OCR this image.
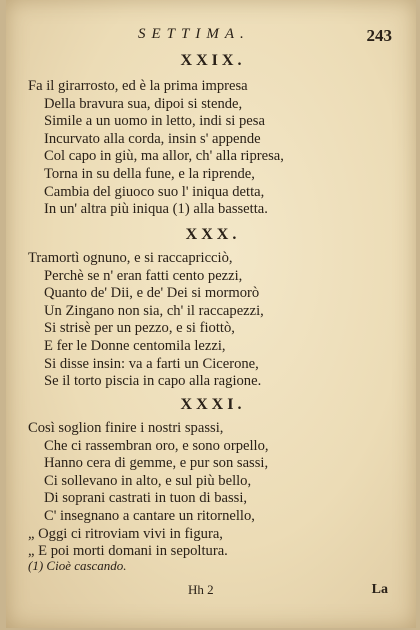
SETTIMA.	243
XXIX.
Fa il girarrosto, ed è la prima impresa
Della bravura sua, dipoi si stende,
Simile a un uomo in letto, indi si pesa
Incurvato alla corda, insin s' appende
Col capo in giù, ma allor, ch' alla ripresa,
Torna in su della fune, e la riprende,
Cambia del giuoco suo l' iniqua detta,
In un' altra più iniqua (1) alla bassetta.
XXX.
Tramortì ognuno, e si raccapricciò,
Perchè se n' eran fatti cento pezzi,
Quanto de' Dii, e de' Dei si mormorò
Un Zingano non sia, ch' il raccapezzi,
Si strisè per un pezzo, e si fiottò,
E fer le Donne centomila lezzi,
Si disse insin: va a farti un Cicerone,
Se il torto piscia in capo alla ragione.
XXXI.
Così soglion finire i nostri spassi,
Che ci rassembran oro, e sono orpello,
Hanno cera di gemme, e pur son sassi,
Ci sollevano in alto, e sul più bello,
Di soprani castrati in tuon di bassi,
C' insegnano a cantare un ritornello,
„ Oggi ci ritroviam vivi in figura,
„ E poi morti domani in sepoltura.
(1) Cioè cascando.
Hh 2	La
